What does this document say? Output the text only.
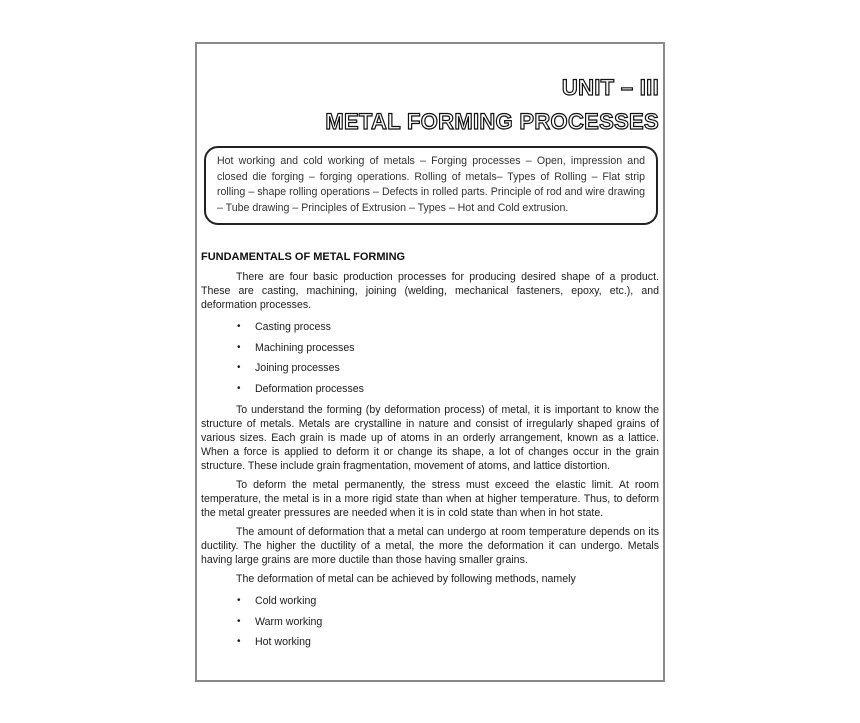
UNIT – III
METAL FORMING PROCESSES
Hot working and cold working of metals – Forging processes – Open, impression and closed die forging – forging operations. Rolling of metals– Types of Rolling – Flat strip rolling – shape rolling operations – Defects in rolled parts. Principle of rod and wire drawing – Tube drawing – Principles of Extrusion – Types – Hot and Cold extrusion.
FUNDAMENTALS OF METAL FORMING

There are four basic production processes for producing desired shape of a product. These are casting, machining, joining (welding, mechanical fasteners, epoxy, etc.), and deformation processes.

• Casting process
• Machining processes
• Joining processes
• Deformation processes

To understand the forming (by deformation process) of metal, it is important to know the structure of metals. Metals are crystalline in nature and consist of irregularly shaped grains of various sizes. Each grain is made up of atoms in an orderly arrangement, known as a lattice. When a force is applied to deform it or change its shape, a lot of changes occur in the grain structure. These include grain fragmentation, movement of atoms, and lattice distortion.

To deform the metal permanently, the stress must exceed the elastic limit. At room temperature, the metal is in a more rigid state than when at higher temperature. Thus, to deform the metal greater pressures are needed when it is in cold state than when in hot state.

The amount of deformation that a metal can undergo at room temperature depends on its ductility. The higher the ductility of a metal, the more the deformation it can undergo. Metals having large grains are more ductile than those having smaller grains.

The deformation of metal can be achieved by following methods, namely

• Cold working
• Warm working
• Hot working
